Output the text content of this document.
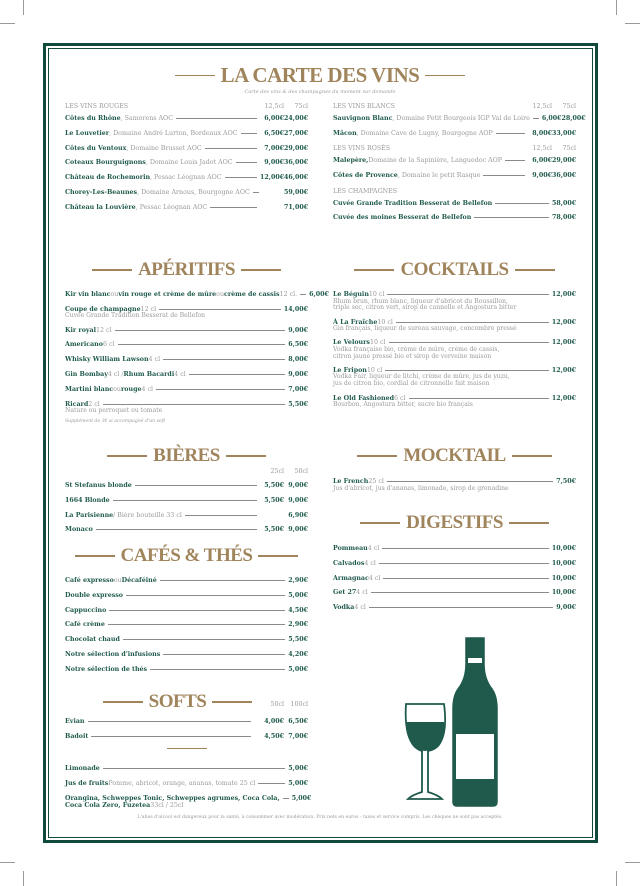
LA CARTE DES VINS
Carte des vins & des champagnes du moment sur demande
LES VINS ROUGES	12,5cl	75cl
Côtes du Rhône , Samorens AOC	6,00€ 24,00€
Le Louvetier , Domaine André Lurton, Bordeaux AOC	6,50€ 27,00€
Côtes du Ventoux , Domaine Brusset AOC	7,00€ 29,00€
Coteaux Bourguignons , Domaine Louis Jadot AOC	9,00€ 36,00€
Château de Rochemorin , Pessac Léognan AOC	12,00€ 46,00€
Chorey-Les-Beaunes , Domaine Arnous, Bourgogne AOC	59,00€
Château la Louvière , Pessac Léognan AOC	71,00€
LES VINS BLANCS	12,5cl	75cl
Sauvignon Blanc , Domaine Petit Bourgeois IGP Val de Loire 6,00€ 28,00€
Mâcon , Domaine Cave de Lugny, Bourgogne AOP	8,00€ 33,00€
LES VINS ROSÉS	12,5cl	75cl
Malepère, Domaine de la Sapinière, Languedoc AOP	6,00€ 29,00€
Côtes de Provence , Domaine le petit Rasque	9,00€ 36,00€
LES CHAMPAGNES
Cuvée Grande Tradition Besserat de Bellefon	58,00€
Cuvée des moines Besserat de Bellefon	78,00€
APÉRITIFS
Kir vin blanc ou vin rouge et crème de mûre ou crème de cassis 12 cl. 6,00€
Coupe de champagne 12 cl	14,00€
Cuvée Grande Tradition Besserat de Bellefon
Kir royal 12 cl	9,00€
Americano 6 cl	6,50€
Whisky William Lawson 4 cl	8,00€
Gin Bombay 4 cl / Rhum Bacardi 4 cl	9,00€
Martini blanc ou rouge 4 cl	7,00€
Ricard 2 cl	5,50€
Nature ou perroquet ou tomate
Supplément de 3€ si accompagné d'un soft
COCKTAILS
Le Béguin 10 cl	12,00€
Rhum brun, rhum blanc, liqueur d'abricot du Roussillon,
triple sec, citron vert, sirop de cannelle et Angostura bitter
À La Fraîche 10 cl	12,00€
Gin français, liqueur de sureau sauvage, concombre pressé
Le Velours 10 cl	12,00€
Vodka française bio, crème de mûre, crème de cassis,
citron jaune pressé bio et sirop de verveine maison
Le Fripon 10 cl	12,00€
Vodka Fair, liqueur de litchi, crème de mûre, jus de yuzu,
jus de citron bio, cordial de citronnelle fait maison
Le Old Fashioned 6 cl	12,00€
Bourbon, Angostura bitter, sucre bio français
BIÈRES
25cl	50cl
St Stefanus blonde	5,50€ 9,00€
1664 Blonde	5,50€ 9,00€
La Parisienne / Bière bouteille 33 cl	6,90€
Monaco	5,50€ 9,00€
MOCKTAIL
Le French 25 cl	7,50€
Jus d'abricot, jus d'ananas, limonade, sirop de grenadine
DIGESTIFS
Pommeau 4 cl	10,00€
Calvados 4 cl	10,00€
Armagnac 4 cl	10,00€
Get 27 4 cl	10,00€
Vodka 4 cl	9,00€
CAFÉS & THÉS
Café expresso ou Décaféiné	2,90€
Double expresso	5,00€
Cappuccino	4,50€
Café crème	2,90€
Chocolat chaud	5,50€
Notre sélection d'infusions	4,20€
Notre sélection de thés	5,00€
SOFTS	50cl	100cl
Evian	4,00€ 6,50€
Badoit	4,50€ 7,00€
Limonade	5,00€
Jus de fruits Pomme, abricot, orange, ananas, tomate 25 cl	5,00€
Orangina, Schweppes Tonic, Schweppes agrumes, Coca Cola, 5,00€
Coca Cola Zero, Fuzetea 33cl / 25cl
L'abus d'alcool est dangereux pour la santé, à consommer avec modération. Prix nets en euros - taxes et service compris. Les chèques ne sont pas acceptés.
